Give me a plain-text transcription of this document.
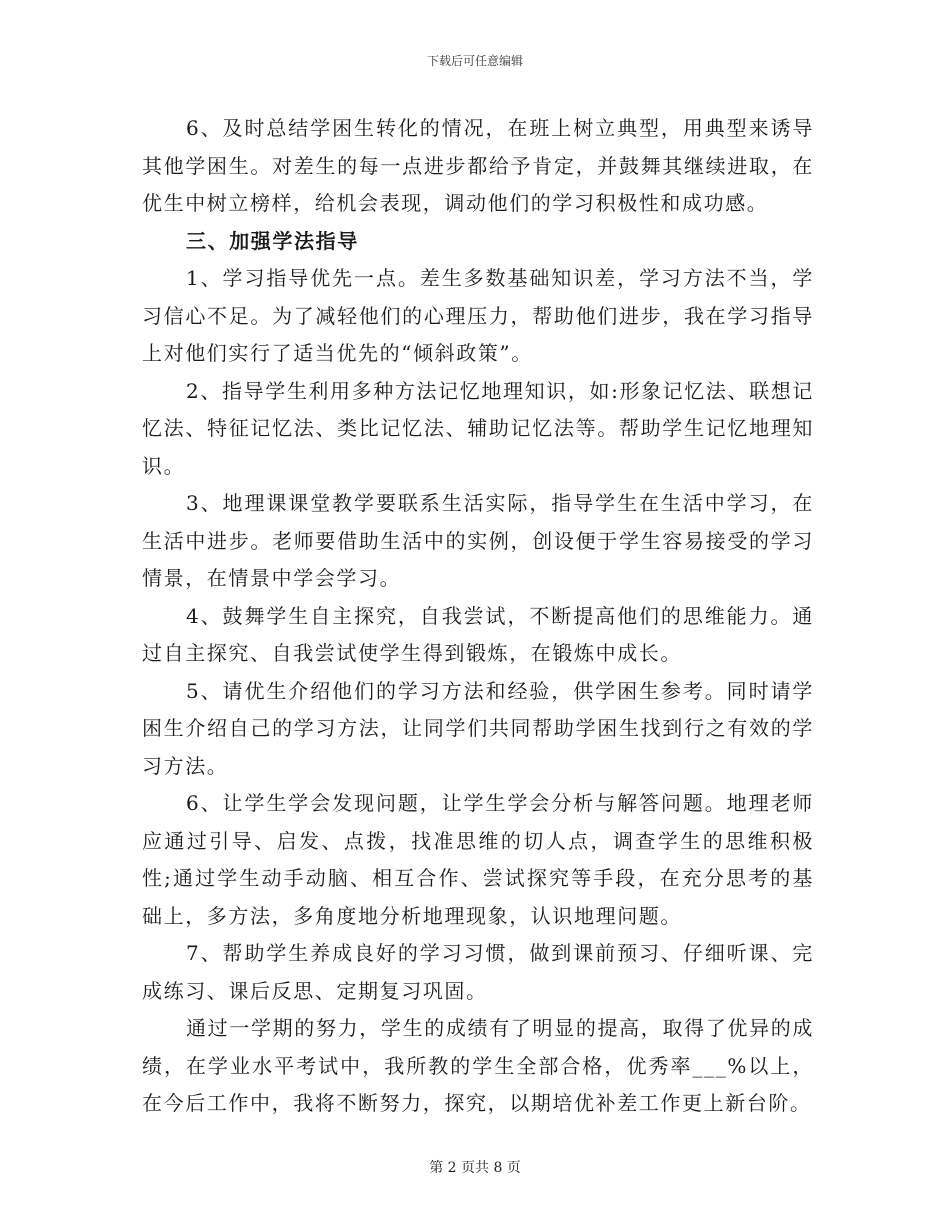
下载后可任意编辑

6、及时总结学困生转化的情况，在班上树立典型，用典型来诱导其他学困生。对差生的每一点进步都给予肯定，并鼓舞其继续进取，在优生中树立榜样，给机会表现，调动他们的学习积极性和成功感。

三、加强学法指导

1、学习指导优先一点。差生多数基础知识差，学习方法不当，学习信心不足。为了减轻他们的心理压力，帮助他们进步，我在学习指导上对他们实行了适当优先的“倾斜政策”。

2、指导学生利用多种方法记忆地理知识，如:形象记忆法、联想记忆法、特征记忆法、类比记忆法、辅助记忆法等。帮助学生记忆地理知识。

3、地理课课堂教学要联系生活实际，指导学生在生活中学习，在生活中进步。老师要借助生活中的实例，创设便于学生容易接受的学习情景，在情景中学会学习。

4、鼓舞学生自主探究，自我尝试，不断提高他们的思维能力。通过自主探究、自我尝试使学生得到锻炼，在锻炼中成长。

5、请优生介绍他们的学习方法和经验，供学困生参考。同时请学困生介绍自己的学习方法，让同学们共同帮助学困生找到行之有效的学习方法。

6、让学生学会发现问题，让学生学会分析与解答问题。地理老师应通过引导、启发、点拨，找准思维的切人点，调查学生的思维积极性;通过学生动手动脑、相互合作、尝试探究等手段，在充分思考的基础上，多方法，多角度地分析地理现象，认识地理问题。

7、帮助学生养成良好的学习习惯，做到课前预习、仔细听课、完成练习、课后反思、定期复习巩固。

通过一学期的努力，学生的成绩有了明显的提高，取得了优异的成绩，在学业水平考试中，我所教的学生全部合格，优秀率___%以上，在今后工作中，我将不断努力，探究，以期培优补差工作更上新台阶。

第 2 页共 8 页
